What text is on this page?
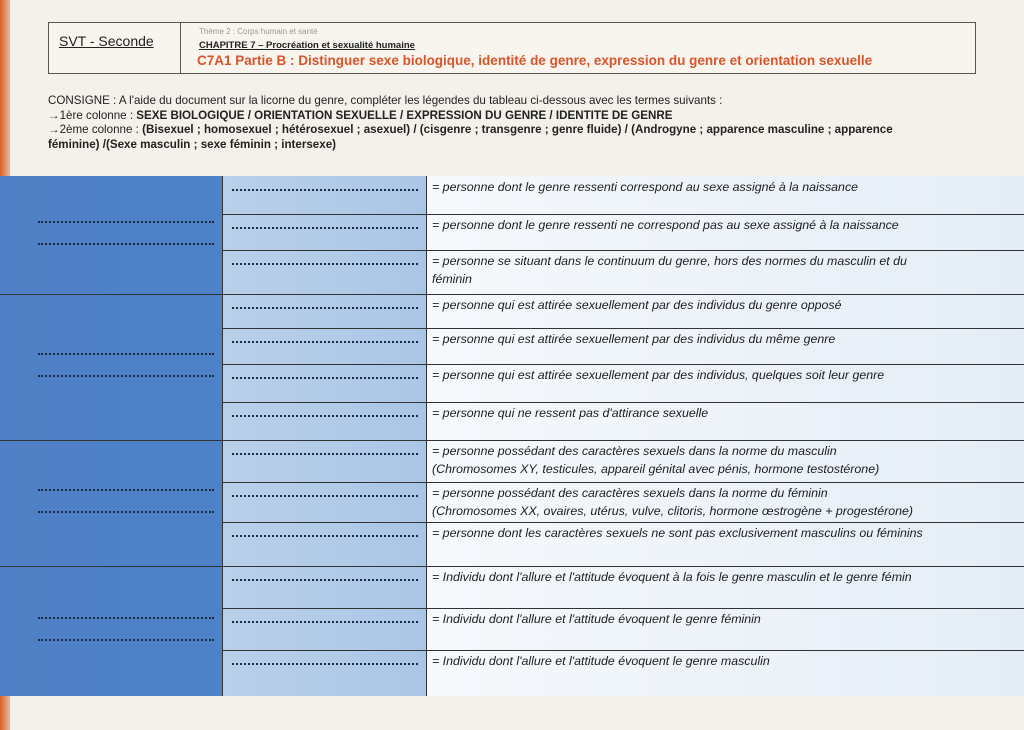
SVT - Seconde
Thème 2 : Corps humain et santé
CHAPITRE 7 – Procréation et sexualité humaine
C7A1 Partie B : Distinguer sexe biologique, identité de genre, expression du genre et orientation sexuelle

CONSIGNE : A l'aide du document sur la licorne du genre, compléter les légendes du tableau ci-dessous avec les termes suivants :

→1ère colonne : SEXE BIOLOGIQUE / ORIENTATION SEXUELLE / EXPRESSION DU GENRE / IDENTITE DE GENRE

→2ème colonne : (Bisexuel ; homosexuel ; hétérosexuel ; asexuel) / (cisgenre ; transgenre ; genre fluide) / (Androgyne ; apparence masculine ; apparence

féminine) /(Sexe masculin ; sexe féminin ; intersexe)

= personne dont le genre ressenti correspond au sexe assigné à la naissance
= personne dont le genre ressenti ne correspond pas au sexe assigné à la naissance
= personne se situant dans le continuum du genre, hors des normes du masculin et du
féminin
= personne qui est attirée sexuellement par des individus du genre opposé
= personne qui est attirée sexuellement par des individus du même genre
= personne qui est attirée sexuellement par des individus, quelques soit leur genre
= personne qui ne ressent pas d'attirance sexuelle
= personne possédant des caractères sexuels dans la norme du masculin
(Chromosomes XY, testicules, appareil génital avec pénis, hormone testostérone)
= personne possédant des caractères sexuels dans la norme du féminin
(Chromosomes XX, ovaires, utérus, vulve, clitoris, hormone œstrogène + progestérone)
= personne dont les caractères sexuels ne sont pas exclusivement masculins ou féminins
= Individu dont l'allure et l'attitude évoquent à la fois le genre masculin et le genre fémin
= Individu dont l'allure et l'attitude évoquent le genre féminin
= Individu dont l'allure et l'attitude évoquent le genre masculin
